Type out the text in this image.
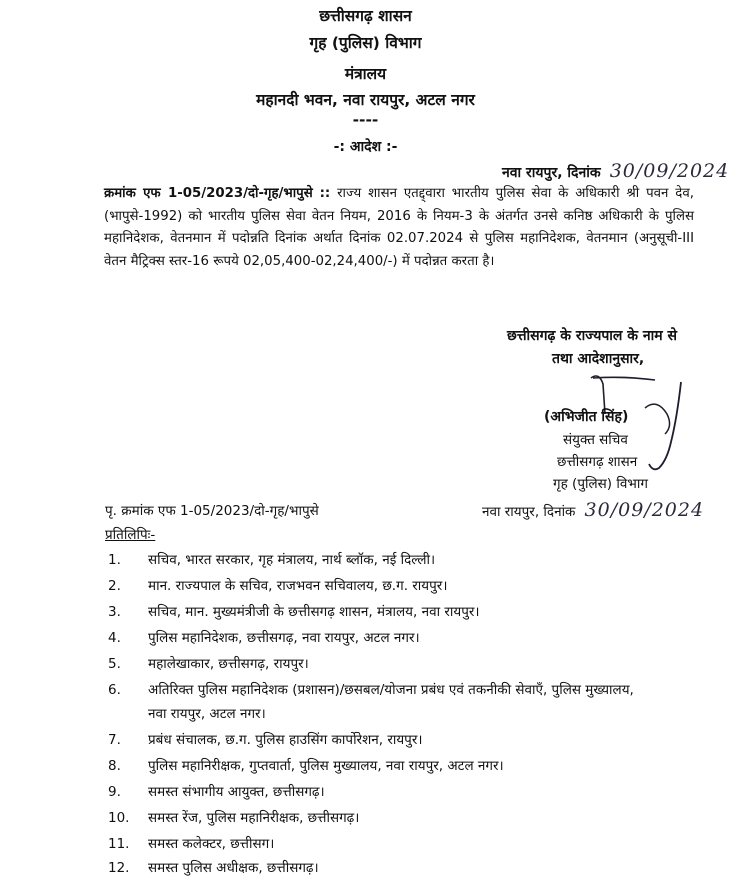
छत्तीसगढ़ शासन
गृह (पुलिस) विभाग
मंत्रालय
महानदी भवन, नवा रायपुर, अटल नगर
----
-: आदेश :-
नवा रायपुर, दिनांक 30/09/2024
क्रमांक एफ 1-05/2023/दो-गृह/भापुसे :: राज्य शासन एतद्द्वारा भारतीय पुलिस सेवा के अधिकारी श्री पवन देव, (भापुसे-1992) को भारतीय पुलिस सेवा वेतन नियम, 2016 के नियम-3 के अंतर्गत उनसे कनिष्ठ अधिकारी के पुलिस महानिदेशक, वेतनमान में पदोन्नति दिनांक अर्थात दिनांक 02.07.2024 से पुलिस महानिदेशक, वेतनमान (अनुसूची-III वेतन मैट्रिक्स स्तर-16 रूपये 02,05,400-02,24,400/-) में पदोन्नत करता है।
छत्तीसगढ़ के राज्यपाल के नाम से
तथा आदेशानुसार,
(अभिजीत सिंह)
संयुक्त सचिव
छत्तीसगढ़ शासन
गृह (पुलिस) विभाग
पृ. क्रमांक एफ 1-05/2023/दो-गृह/भापुसे	नवा रायपुर, दिनांक 30/09/2024
प्रतिलिपिः-
1. सचिव, भारत सरकार, गृह मंत्रालय, नार्थ ब्लॉक, नई दिल्ली।
2. मान. राज्यपाल के सचिव, राजभवन सचिवालय, छ.ग. रायपुर।
3. सचिव, मान. मुख्यमंत्रीजी के छत्तीसगढ़ शासन, मंत्रालय, नवा रायपुर।
4. पुलिस महानिदेशक, छत्तीसगढ़, नवा रायपुर, अटल नगर।
5. महालेखाकार, छत्तीसगढ़, रायपुर।
6. अतिरिक्त पुलिस महानिदेशक (प्रशासन)/छसबल/योजना प्रबंध एवं तकनीकी सेवाएँ, पुलिस मुख्यालय,
नवा रायपुर, अटल नगर।
7. प्रबंध संचालक, छ.ग. पुलिस हाउसिंग कार्पोरेशन, रायपुर।
8. पुलिस महानिरीक्षक, गुप्तवार्ता, पुलिस मुख्यालय, नवा रायपुर, अटल नगर।
9. समस्त संभागीय आयुक्त, छत्तीसगढ़।
10. समस्त रेंज, पुलिस महानिरीक्षक, छत्तीसगढ़।
11. समस्त कलेक्टर, छत्तीसग।
12. समस्त पुलिस अधीक्षक, छत्तीसगढ़।
